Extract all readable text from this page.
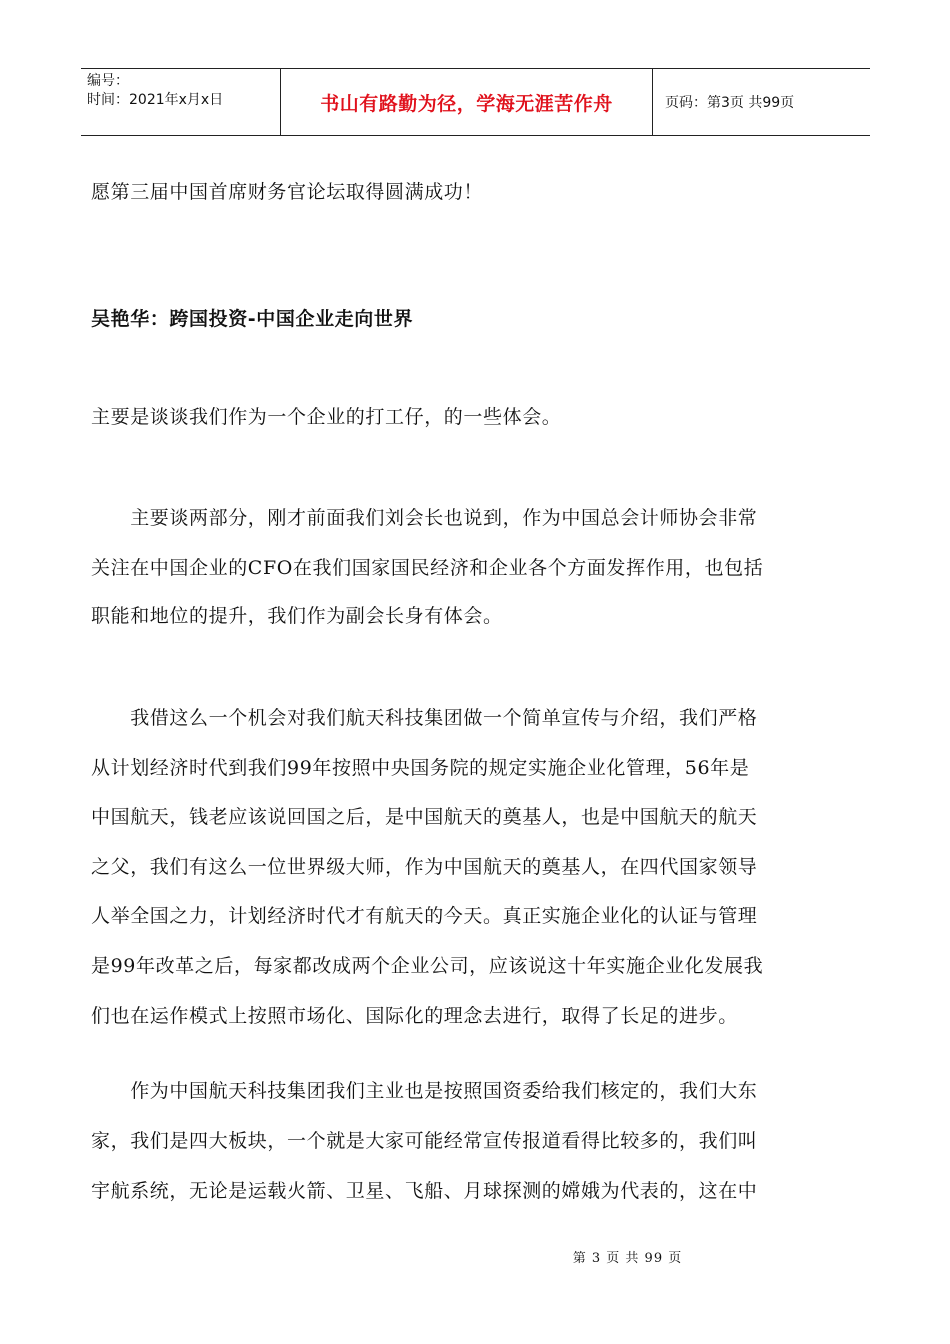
编号：
时间：2021年x月x日	书山有路勤为径，学海无涯苦作舟	页码：第3页 共99页
愿第三届中国首席财务官论坛取得圆满成功！
吴艳华：跨国投资-中国企业走向世界
主要是谈谈我们作为一个企业的打工仔，的一些体会。
　　主要谈两部分，刚才前面我们刘会长也说到，作为中国总会计师协会非常
关注在中国企业的CFO在我们国家国民经济和企业各个方面发挥作用，也包括
职能和地位的提升，我们作为副会长身有体会。
　　我借这么一个机会对我们航天科技集团做一个简单宣传与介绍，我们严格
从计划经济时代到我们99年按照中央国务院的规定实施企业化管理，56年是
中国航天，钱老应该说回国之后，是中国航天的奠基人，也是中国航天的航天
之父，我们有这么一位世界级大师，作为中国航天的奠基人，在四代国家领导
人举全国之力，计划经济时代才有航天的今天。真正实施企业化的认证与管理
是99年改革之后，每家都改成两个企业公司，应该说这十年实施企业化发展我
们也在运作模式上按照市场化、国际化的理念去进行，取得了长足的进步。
　　作为中国航天科技集团我们主业也是按照国资委给我们核定的，我们大东
家，我们是四大板块，一个就是大家可能经常宣传报道看得比较多的，我们叫
宇航系统，无论是运载火箭、卫星、飞船、月球探测的嫦娥为代表的，这在中
第 3 页 共 99 页
